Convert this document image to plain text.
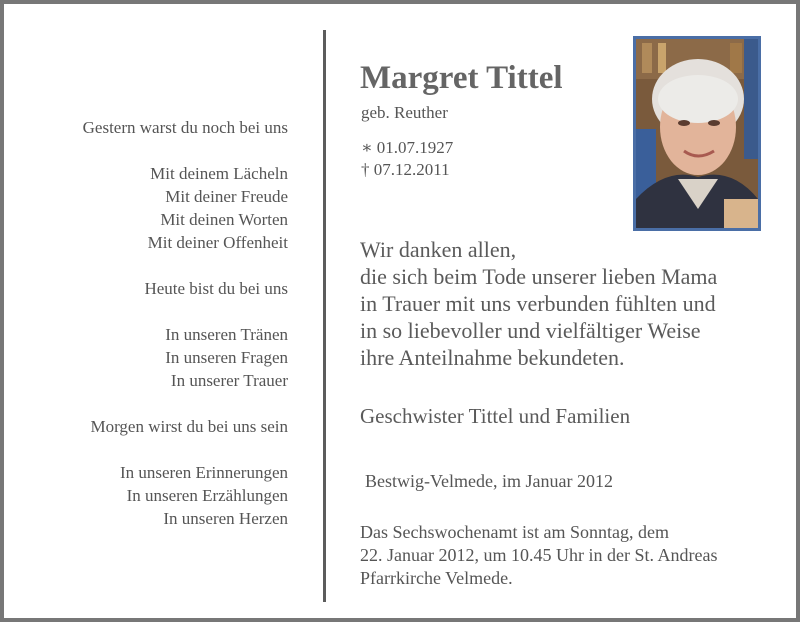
Gestern warst du noch bei uns
Mit deinem Lächeln
Mit deiner Freude
Mit deinen Worten
Mit deiner Offenheit
Heute bist du bei uns
In unseren Tränen
In unseren Fragen
In unserer Trauer
Morgen wirst du bei uns sein
In unseren Erinnerungen
In unseren Erzählungen
In unseren Herzen
Margret Tittel
geb. Reuther
∗ 01.07.1927
† 07.12.2011
Wir danken allen,
die sich beim Tode unserer lieben Mama
in Trauer mit uns verbunden fühlten und
in so liebevoller und vielfältiger Weise
ihre Anteilnahme bekundeten.
Geschwister Tittel und Familien
Bestwig-Velmede, im Januar 2012
Das Sechswochenamt ist am Sonntag, dem
22. Januar 2012, um 10.45 Uhr in der St. Andreas
Pfarrkirche Velmede.
